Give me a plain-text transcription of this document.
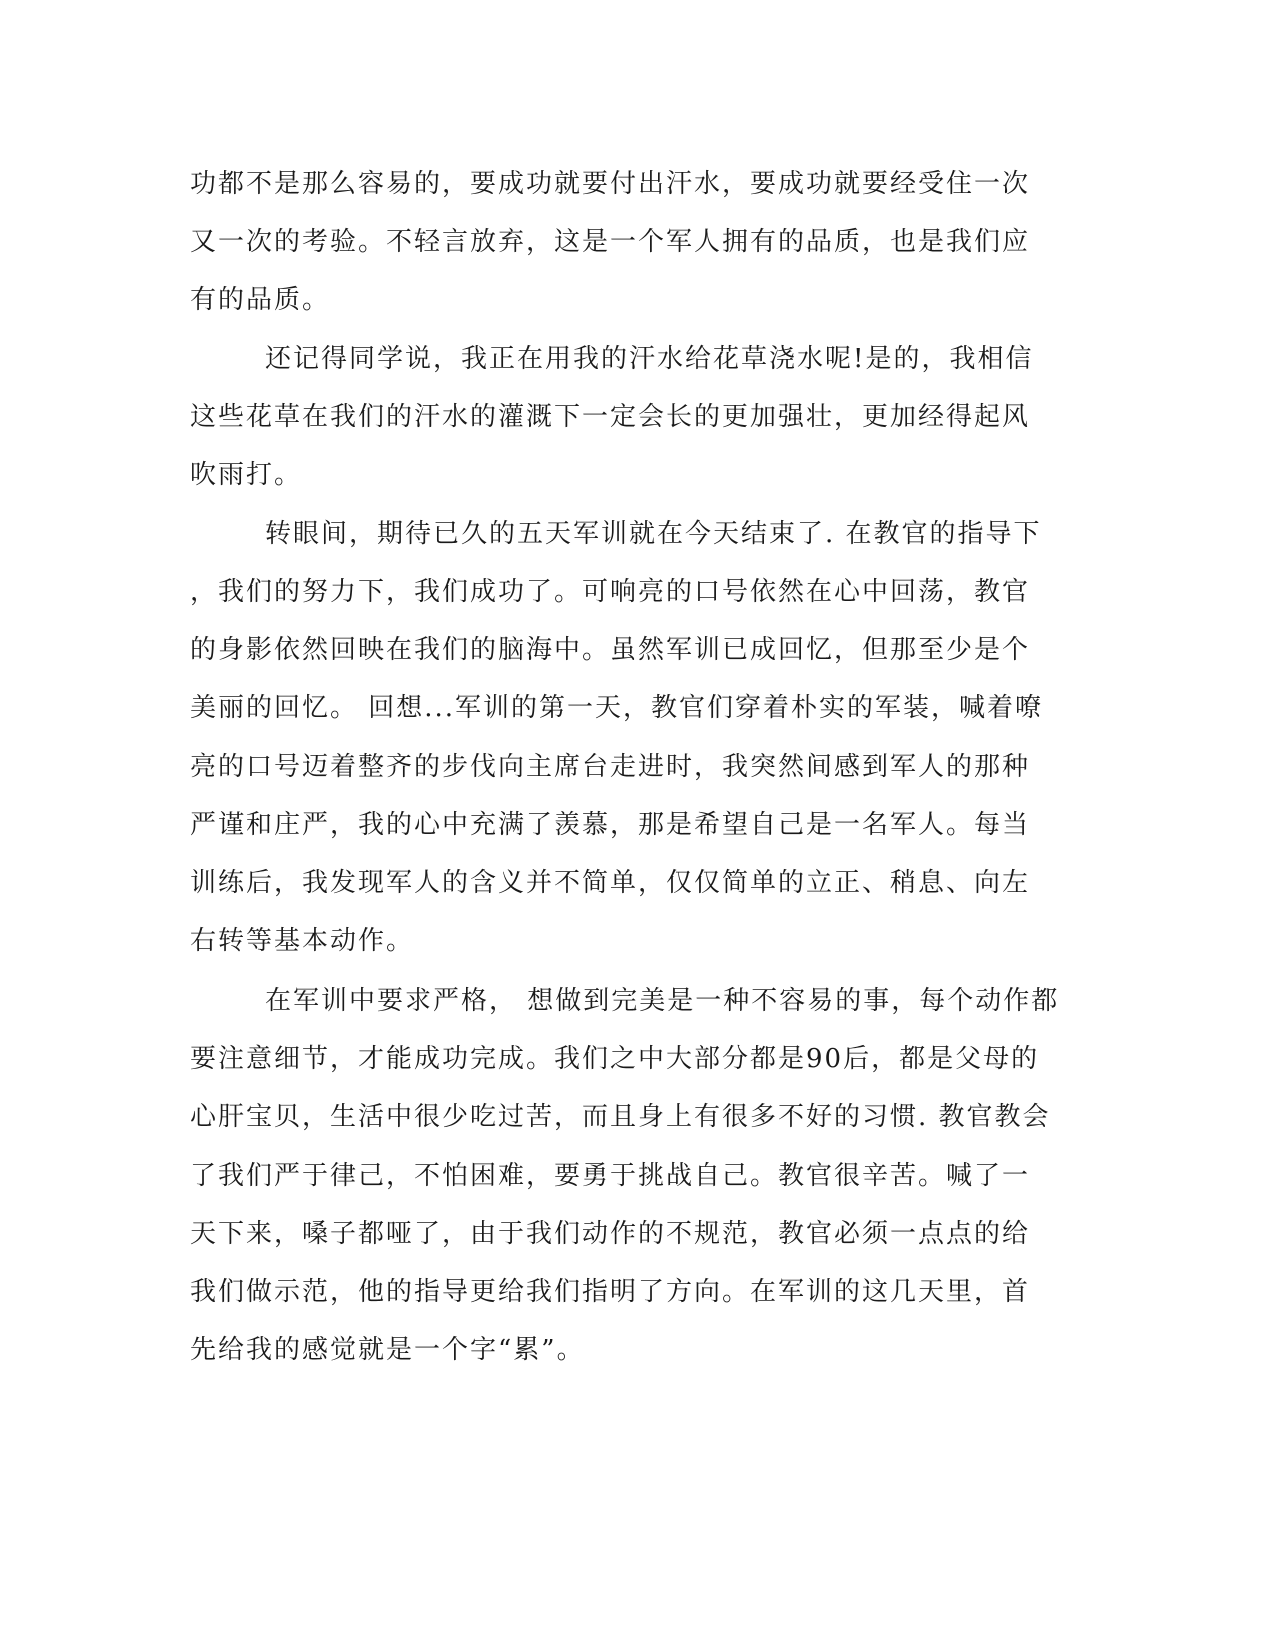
功都不是那么容易的，要成功就要付出汗水，要成功就要经受住一次
又一次的考验。不轻言放弃，这是一个军人拥有的品质，也是我们应
有的品质。
还记得同学说，我正在用我的汗水给花草浇水呢!是的，我相信
这些花草在我们的汗水的灌溉下一定会长的更加强壮，更加经得起风
吹雨打。
转眼间，期待已久的五天军训就在今天结束了. 在教官的指导下
，我们的努力下，我们成功了。可响亮的口号依然在心中回荡，教官
的身影依然回映在我们的脑海中。虽然军训已成回忆，但那至少是个
美丽的回忆。 回想...军训的第一天，教官们穿着朴实的军装，喊着嘹
亮的口号迈着整齐的步伐向主席台走进时，我突然间感到军人的那种
严谨和庄严，我的心中充满了羡慕，那是希望自己是一名军人。每当
训练后，我发现军人的含义并不简单，仅仅简单的立正、稍息、向左
右转等基本动作。
在军训中要求严格， 想做到完美是一种不容易的事，每个动作都
要注意细节，才能成功完成。我们之中大部分都是90后，都是父母的
心肝宝贝，生活中很少吃过苦，而且身上有很多不好的习惯. 教官教会
了我们严于律己，不怕困难，要勇于挑战自己。教官很辛苦。喊了一
天下来，嗓子都哑了，由于我们动作的不规范，教官必须一点点的给
我们做示范，他的指导更给我们指明了方向。在军训的这几天里，首
先给我的感觉就是一个字“累”。
